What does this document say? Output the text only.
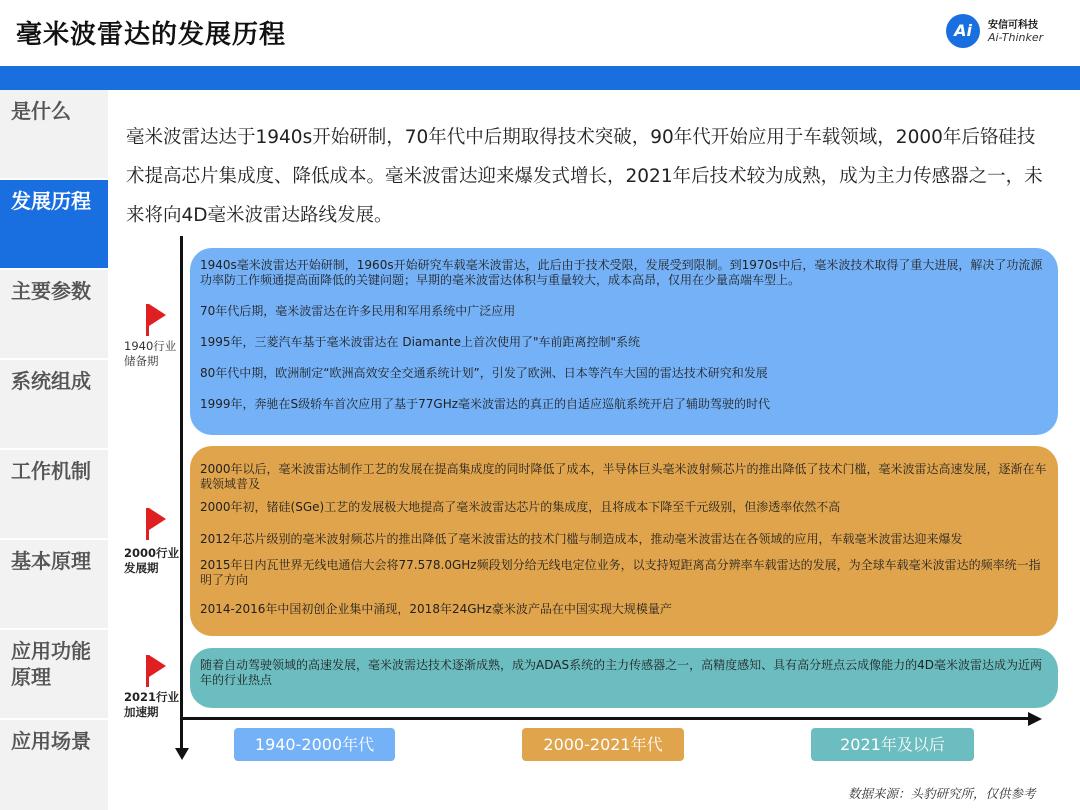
毫米波雷达的发展历程	Ai	安信可科技
Ai-Thinker
是什么
发展历程
主要参数
系统组成
工作机制
基本原理
应用功能原理
应用场景
毫米波雷达达于1940s开始研制，70年代中后期取得技术突破，90年代开始应用于车载领域，2000年后铬硅技术提高芯片集成度、降低成本。毫米波雷达迎来爆发式增长，2021年后技术较为成熟，成为主力传感器之一，未来将向4D毫米波雷达路线发展。
1940行业
储备期
2000行业
发展期
2021行业
加速期
1940s毫米波雷达开始研制，1960s开始研究车载毫米波雷达，此后由于技术受限，发展受到限制。到1970s中后，毫米波技术取得了重大进展，解决了功流源功率防工作频通提高面降低的关键问题；早期的毫米波雷达体积与重量较大，成本高昂，仅用在少量高端车型上。
70年代后期，毫米波雷达在许多民用和军用系统中广泛应用
1995年，三菱汽车基于毫米波雷达在 Diamante上首次使用了"车前距离控制"系统
80年代中期，欧洲制定“欧洲高效安全交通系统计划”，引发了欧洲、日本等汽车大国的雷达技术研究和发展
1999年，奔驰在S级轿车首次应用了基于77GHz毫米波雷达的真正的自适应巡航系统开启了辅助驾驶的时代
2000年以后，毫米波雷达制作工艺的发展在提高集成度的同时降低了成本，半导体巨头毫米波射频芯片的推出降低了技术门槛，毫米波雷达高速发展，逐渐在车载领域普及
2000年初，锗硅(SGe)工艺的发展极大地提高了毫米波雷达芯片的集成度，且将成本下降至千元级别，但渗透率依然不高
2012年芯片级别的毫米波射频芯片的推出降低了毫米波雷达的技术门槛与制造成本，推动毫米波雷达在各领域的应用，车载毫米波雷达迎来爆发
2015年日内瓦世界无线电通信大会将77.578.0GHz频段划分给无线电定位业务，以支持短距离高分辨率车载雷达的发展，为全球车载毫米波雷达的频率统一指明了方向
2014-2016年中国初创企业集中涌现，2018年24GHz豪米波产品在中国实现大规模量产
随着自动驾驶领域的高速发展，毫米波需达技术逐渐成熟，成为ADAS系统的主力传感器之一，高精度感知、具有高分班点云成像能力的4D毫米波雷达成为近两年的行业热点
1940-2000年代	2000-2021年代	2021年及以后
数据来源：头豹研究所，仅供参考
